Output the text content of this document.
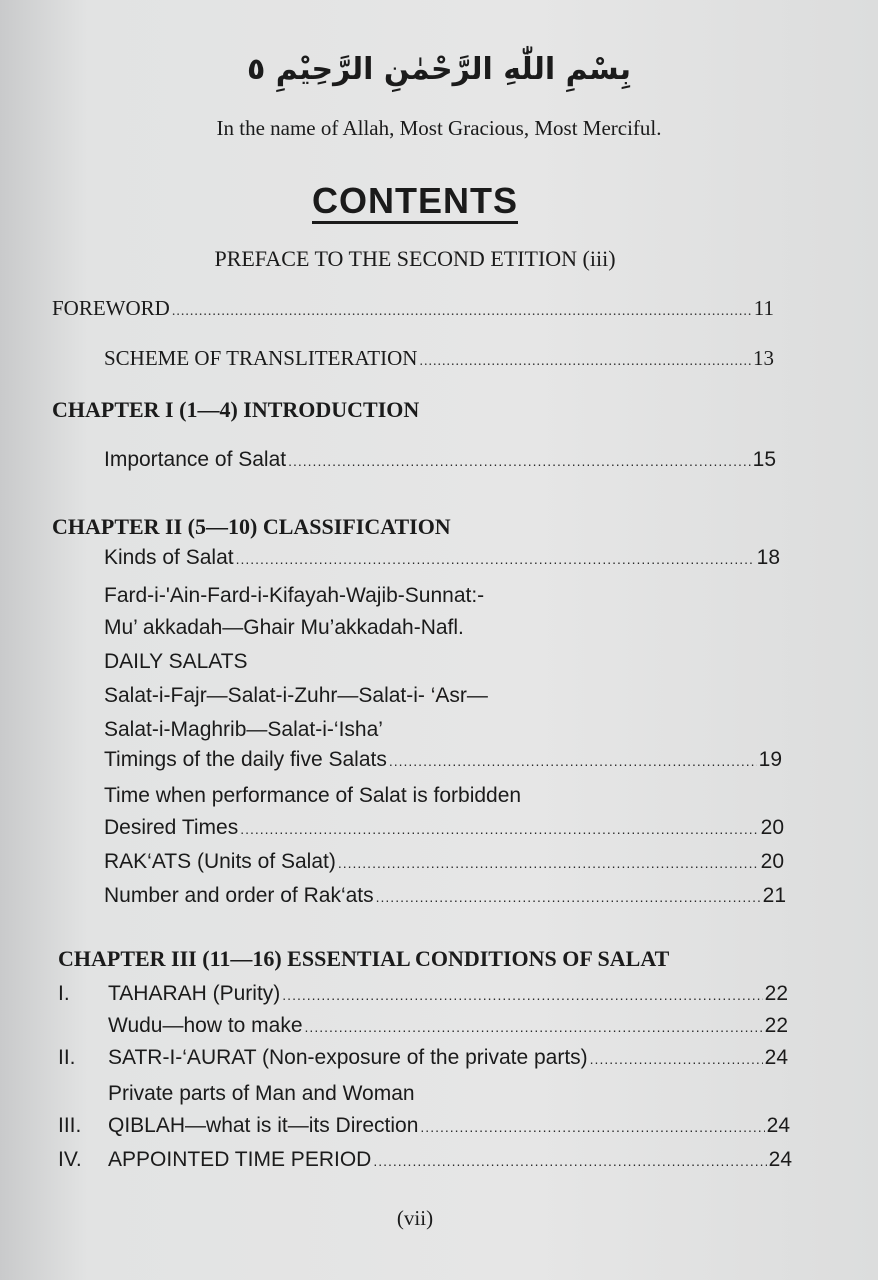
بِسْمِ اللّٰهِ الرَّحْمٰنِ الرَّحِيْمِ ٥
In the name of Allah, Most Gracious, Most Merciful.
CONTENTS
PREFACE TO THE SECOND ETITION (iii)
FOREWORD .....	11
SCHEME OF TRANSLITERATION .....	13
CHAPTER I (1—4) INTRODUCTION
Importance of Salat .....	15
CHAPTER II (5—10) CLASSIFICATION
Kinds of Salat .....	18
Fard-i-'Ain-Fard-i-Kifayah-Wajib-Sunnat:-
Mu’ akkadah—Ghair Mu’akkadah-Nafl.
DAILY SALATS
Salat-i-Fajr—Salat-i-Zuhr—Salat-i- ‘Asr—
Salat-i-Maghrib—Salat-i-‘Isha’
Timings of the daily five Salats .....	19
Time when performance of Salat is forbidden
Desired Times .....	20
RAK‘ATS (Units of Salat) .....	20
Number and order of Rak‘ats .....	21
CHAPTER III (11—16) ESSENTIAL CONDITIONS OF SALAT
I. TAHARAH (Purity) .....	22
Wudu—how to make .....	22
II. SATR-I-‘AURAT (Non-exposure of the private parts) .....	24
Private parts of Man and Woman
III. QIBLAH—what is it—its Direction .....	24
IV. APPOINTED TIME PERIOD .....	24
(vii)
